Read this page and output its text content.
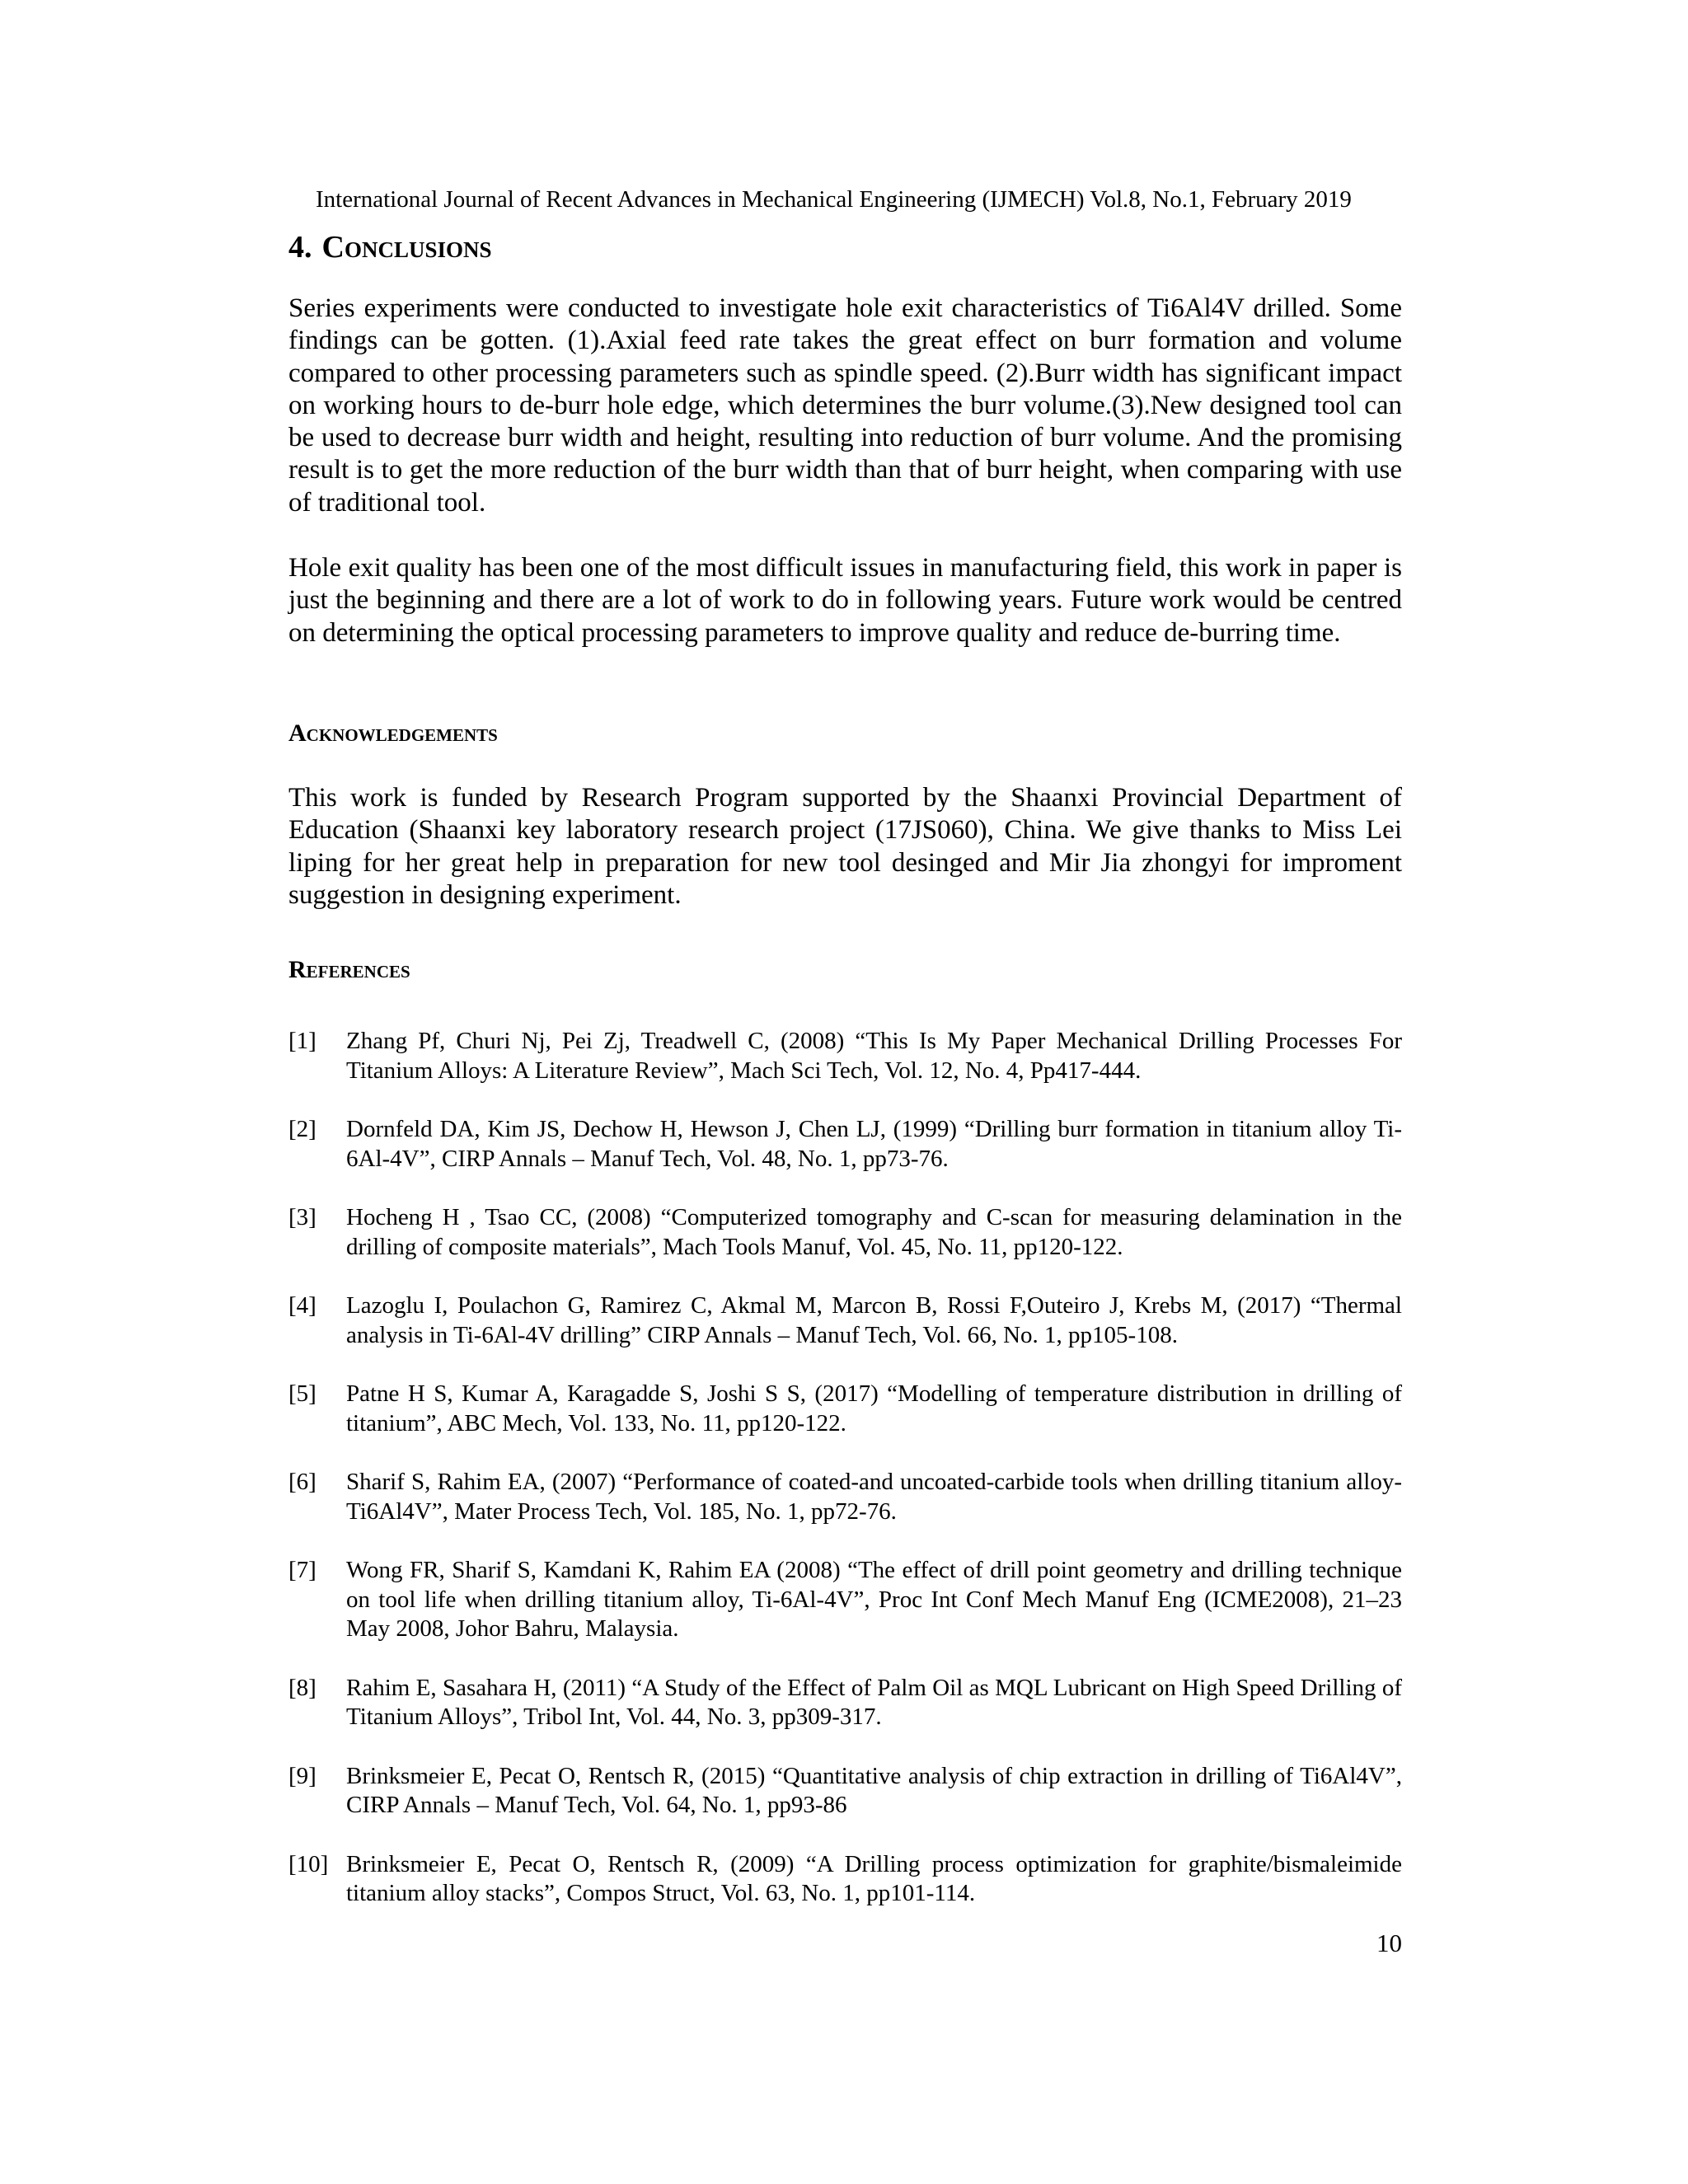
International Journal of Recent Advances in Mechanical Engineering (IJMECH) Vol.8, No.1, February 2019
4. Conclusions
Series experiments were conducted to investigate hole exit characteristics of Ti6Al4V drilled. Some findings can be gotten. (1).Axial feed rate takes the great effect on burr formation and volume compared to other processing parameters such as spindle speed. (2).Burr width has significant impact on working hours to de-burr hole edge, which determines the burr volume.(3).New designed tool can be used to decrease burr width and height, resulting into reduction of burr volume. And the promising result is to get the more reduction of the burr width than that of burr height, when comparing with use of traditional tool.
Hole exit quality has been one of the most difficult issues in manufacturing field, this work in paper is just the beginning and there are a lot of work to do in following years. Future work would be centred on determining the optical processing parameters to improve quality and reduce de-burring time.
Acknowledgements
This work is funded by Research Program supported by the Shaanxi Provincial Department of Education (Shaanxi key laboratory research project (17JS060), China. We give thanks to Miss Lei liping for her great help in preparation for new tool desinged and Mir Jia zhongyi for improment suggestion in designing experiment.
References
[1] Zhang Pf, Churi Nj, Pei Zj, Treadwell C, (2008) “This Is My Paper Mechanical Drilling Processes For Titanium Alloys: A Literature Review”, Mach Sci Tech, Vol. 12, No. 4, Pp417-444.
[2] Dornfeld DA, Kim JS, Dechow H, Hewson J, Chen LJ, (1999) “Drilling burr formation in titanium alloy Ti-6Al-4V”, CIRP Annals – Manuf Tech, Vol. 48, No. 1, pp73-76.
[3] Hocheng H , Tsao CC, (2008) “Computerized tomography and C-scan for measuring delamination in the drilling of composite materials”, Mach Tools Manuf, Vol. 45, No. 11, pp120-122.
[4] Lazoglu I, Poulachon G, Ramirez C, Akmal M, Marcon B, Rossi F,Outeiro J, Krebs M, (2017) “Thermal analysis in Ti-6Al-4V drilling” CIRP Annals – Manuf Tech, Vol. 66, No. 1, pp105-108.
[5] Patne H S, Kumar A, Karagadde S, Joshi S S, (2017) “Modelling of temperature distribution in drilling of titanium”, ABC Mech, Vol. 133, No. 11, pp120-122.
[6] Sharif S, Rahim EA, (2007) “Performance of coated-and uncoated-carbide tools when drilling titanium alloy-Ti6Al4V”, Mater Process Tech, Vol. 185, No. 1, pp72-76.
[7] Wong FR, Sharif S, Kamdani K, Rahim EA (2008) “The effect of drill point geometry and drilling technique on tool life when drilling titanium alloy, Ti-6Al-4V”, Proc Int Conf Mech Manuf Eng (ICME2008), 21–23 May 2008, Johor Bahru, Malaysia.
[8] Rahim E, Sasahara H, (2011) “A Study of the Effect of Palm Oil as MQL Lubricant on High Speed Drilling of Titanium Alloys”, Tribol Int, Vol. 44, No. 3, pp309-317.
[9] Brinksmeier E, Pecat O, Rentsch R, (2015) “Quantitative analysis of chip extraction in drilling of Ti6Al4V”, CIRP Annals – Manuf Tech, Vol. 64, No. 1, pp93-86
[10] Brinksmeier E, Pecat O, Rentsch R, (2009) “A Drilling process optimization for graphite/bismaleimide titanium alloy stacks”, Compos Struct, Vol. 63, No. 1, pp101-114.
10
